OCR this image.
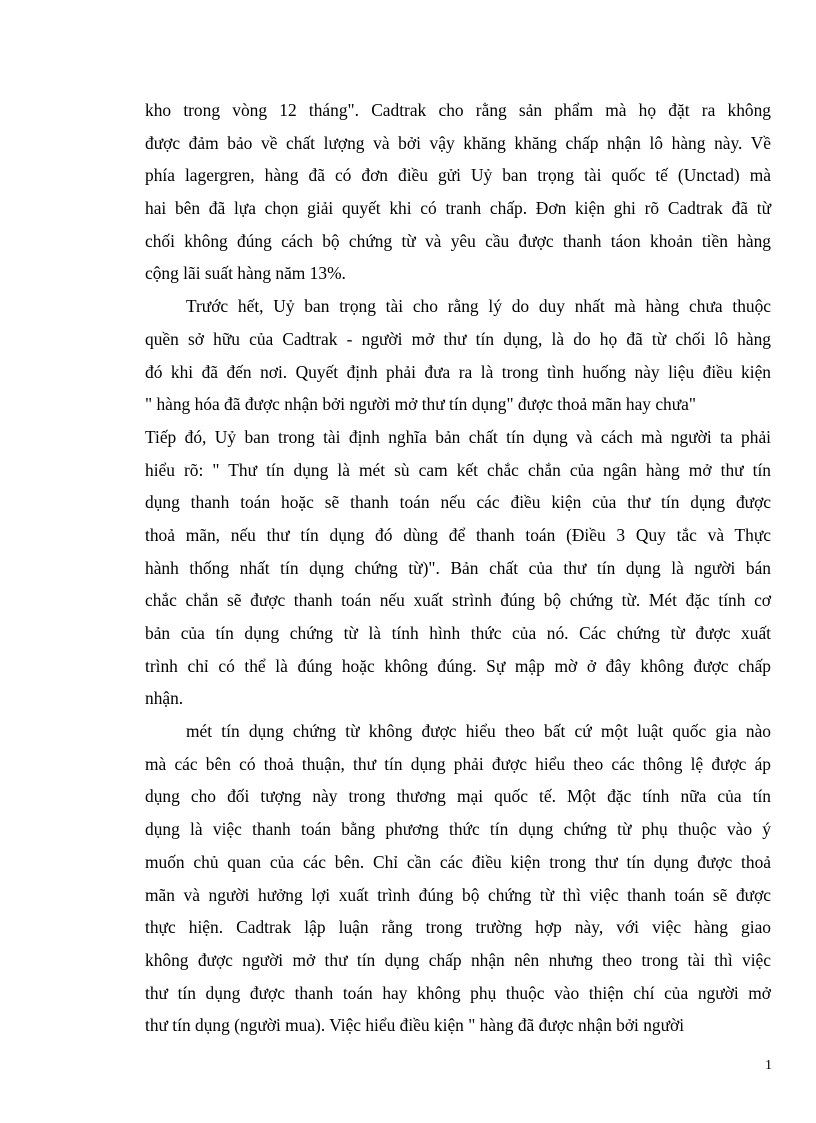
kho trong vòng 12 tháng". Cadtrak cho rằng sản phẩm mà họ đặt ra không
được đảm bảo về chất lượng và bởi vậy khăng khăng chấp nhận lô hàng này. Về
phía lagergren, hàng đã có đơn điều gửi Uỷ ban trọng tài quốc tế (Unctad) mà
hai bên đã lựa chọn giải quyết khi có tranh chấp. Đơn kiện ghi rõ Cadtrak đã từ
chối không đúng cách bộ chứng từ và yêu cầu được thanh táon khoản tiền hàng
cộng lãi suất hàng năm 13%.
Trước hết, Uỷ ban trọng tài cho rằng lý do duy nhất mà hàng chưa thuộc
quền sở hữu của Cadtrak - người mở thư tín dụng, là do họ đã từ chối lô hàng
đó khi đã đến nơi. Quyết định phải đưa ra là trong tình huống này liệu điều kiện
" hàng hóa đã được nhận bởi người mở thư tín dụng" được thoả mãn hay chưa"
Tiếp đó, Uỷ ban trong tài định nghĩa bản chất tín dụng và cách mà người ta phải
hiểu rõ: " Thư tín dụng là mét sù cam kết chắc chắn của ngân hàng mở thư tín
dụng thanh toán hoặc sẽ thanh toán nếu các điều kiện của thư tín dụng được
thoả mãn, nếu thư tín dụng đó dùng để thanh toán (Điều 3 Quy tắc và Thực
hành thống nhất tín dụng chứng từ)". Bản chất của thư tín dụng là người bán
chắc chắn sẽ được thanh toán nếu xuất strình đúng bộ chứng từ. Mét đặc tính cơ
bản của tín dụng chứng từ là tính hình thức của nó. Các chứng từ được xuất
trình chỉ có thể là đúng hoặc không đúng. Sự mập mờ ở đây không được chấp
nhận.
mét tín dụng chứng từ không được hiểu theo bất cứ một luật quốc gia nào
mà các bên có thoả thuận, thư tín dụng phải được hiểu theo các thông lệ được áp
dụng cho đối tượng này trong thương mại quốc tế. Một đặc tính nữa của tín
dụng là việc thanh toán bằng phương thức tín dụng chứng từ phụ thuộc vào ý
muốn chủ quan của các bên. Chỉ cần các điều kiện trong thư tín dụng được thoả
mãn và người hưởng lợi xuất trình đúng bộ chứng từ thì việc thanh toán sẽ được
thực hiện. Cadtrak lập luận rằng trong trường hợp này, với việc hàng giao
không được người mở thư tín dụng chấp nhận nên nhưng theo trong tài thì việc
thư tín dụng được thanh toán hay không phụ thuộc vào thiện chí của người mở
thư tín dụng (người mua). Việc hiểu điều kiện " hàng đã được nhận bởi người
1
